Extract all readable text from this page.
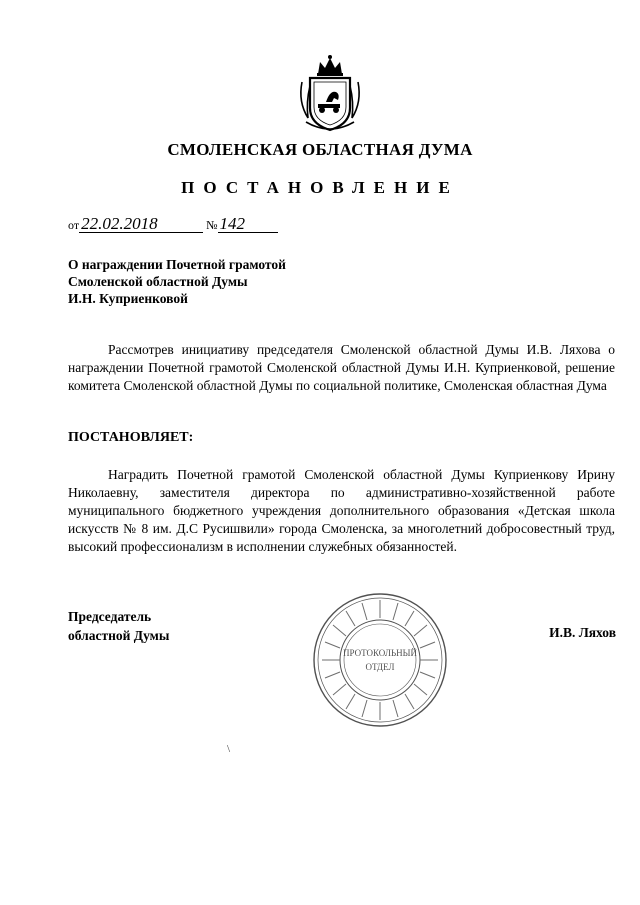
СМОЛЕНСКАЯ ОБЛАСТНАЯ ДУМА
ПОСТАНОВЛЕНИЕ
от 22.02.2018	№ 142
О награждении Почетной грамотой
Смоленской областной Думы
И.Н. Куприенковой
Рассмотрев инициативу председателя Смоленской областной Думы И.В. Ляхова о награждении Почетной грамотой Смоленской областной Думы И.Н. Куприенковой, решение комитета Смоленской областной Думы по социальной политике, Смоленская областная Дума
ПОСТАНОВЛЯЕТ:
Наградить Почетной грамотой Смоленской областной Думы Куприенкову Ирину Николаевну, заместителя директора по административно-хозяйственной работе муниципального бюджетного учреждения дополнительного образования «Детская школа искусств № 8 им. Д.С Русишвили» города Смоленска, за многолетний добросовестный труд, высокий профессионализм в исполнении служебных обязанностей.
Председатель
областной Думы
ПРОТОКОЛЬНЫЙ
ОТДЕЛ
И.В. Ляхов
\
